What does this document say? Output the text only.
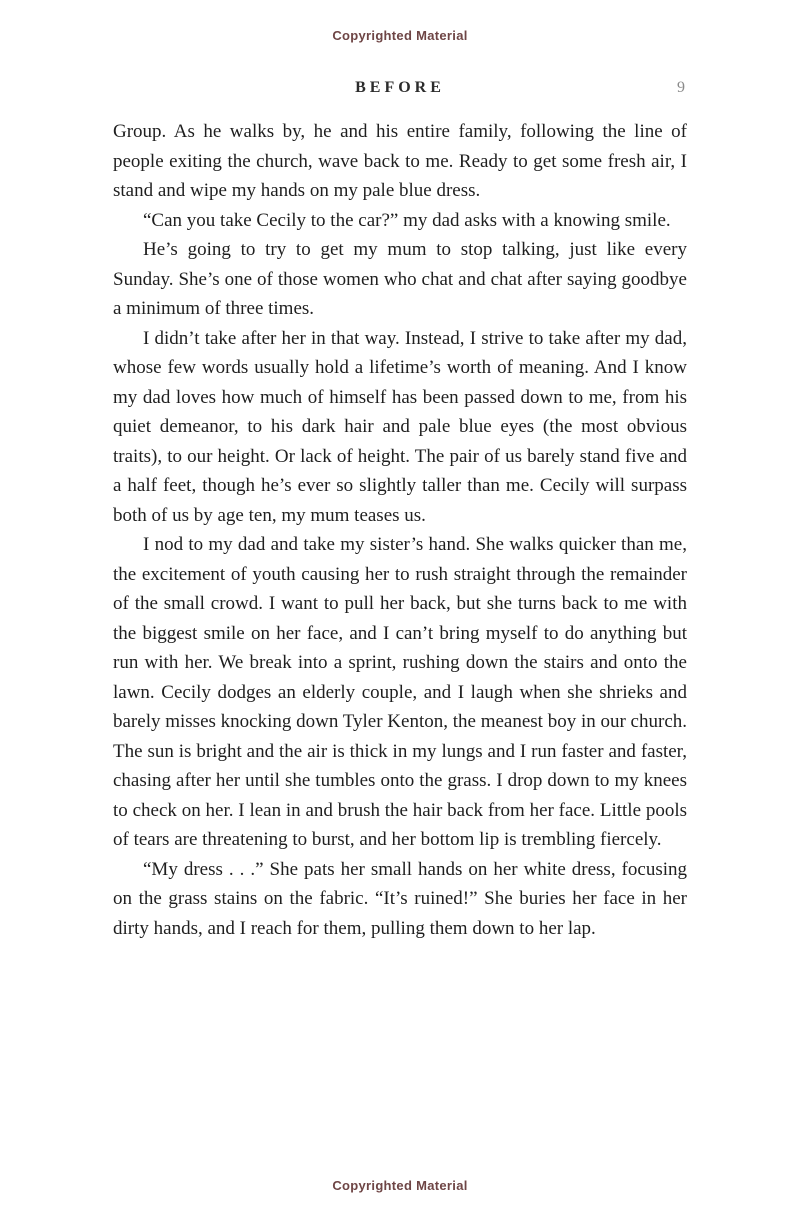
Copyrighted Material
BEFORE	9

Group. As he walks by, he and his entire family, following the line of people exiting the church, wave back to me. Ready to get some fresh air, I stand and wipe my hands on my pale blue dress.

“Can you take Cecily to the car?” my dad asks with a knowing smile.

He’s going to try to get my mum to stop talking, just like every Sunday. She’s one of those women who chat and chat after saying goodbye a minimum of three times.

I didn’t take after her in that way. Instead, I strive to take after my dad, whose few words usually hold a lifetime’s worth of meaning. And I know my dad loves how much of himself has been passed down to me, from his quiet demeanor, to his dark hair and pale blue eyes (the most obvious traits), to our height. Or lack of height. The pair of us barely stand five and a half feet, though he’s ever so slightly taller than me. Cecily will surpass both of us by age ten, my mum teases us.

I nod to my dad and take my sister’s hand. She walks quicker than me, the excitement of youth causing her to rush straight through the remainder of the small crowd. I want to pull her back, but she turns back to me with the biggest smile on her face, and I can’t bring myself to do anything but run with her. We break into a sprint, rushing down the stairs and onto the lawn. Cecily dodges an elderly couple, and I laugh when she shrieks and barely misses knocking down Tyler Kenton, the meanest boy in our church. The sun is bright and the air is thick in my lungs and I run faster and faster, chasing after her until she tumbles onto the grass. I drop down to my knees to check on her. I lean in and brush the hair back from her face. Little pools of tears are threatening to burst, and her bottom lip is trembling fiercely.

“My dress . . .” She pats her small hands on her white dress, focusing on the grass stains on the fabric. “It’s ruined!” She buries her face in her dirty hands, and I reach for them, pulling them down to her lap.

Copyrighted Material
